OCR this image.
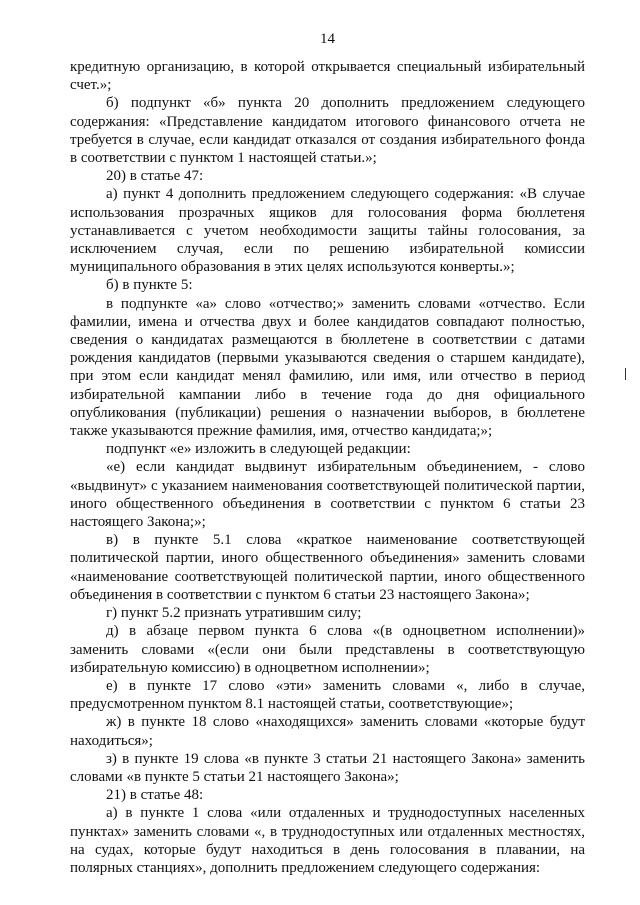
14

кредитную организацию, в которой открывается специальный избирательный счет.»;

б) подпункт «б» пункта 20 дополнить предложением следующего содержания: «Представление кандидатом итогового финансового отчета не требуется в случае, если кандидат отказался от создания избирательного фонда в соответствии с пунктом 1 настоящей статьи.»;

20) в статье 47:

а) пункт 4 дополнить предложением следующего содержания: «В случае использования прозрачных ящиков для голосования форма бюллетеня устанавливается с учетом необходимости защиты тайны голосования, за исключением случая, если по решению избирательной комиссии муниципального образования в этих целях используются конверты.»;

б) в пункте 5:

в подпункте «а» слово «отчество;» заменить словами «отчество. Если фамилии, имена и отчества двух и более кандидатов совпадают полностью, сведения о кандидатах размещаются в бюллетене в соответствии с датами рождения кандидатов (первыми указываются сведения о старшем кандидате), при этом если кандидат менял фамилию, или имя, или отчество в период избирательной кампании либо в течение года до дня официального опубликования (публикации) решения о назначении выборов, в бюллетене также указываются прежние фамилия, имя, отчество кандидата;»;

подпункт «е» изложить в следующей редакции:

«е) если кандидат выдвинут избирательным объединением, - слово «выдвинут» с указанием наименования соответствующей политической партии, иного общественного объединения в соответствии с пунктом 6 статьи 23 настоящего Закона;»;

в) в пункте 5.1 слова «краткое наименование соответствующей политической партии, иного общественного объединения» заменить словами «наименование соответствующей политической партии, иного общественного объединения в соответствии с пунктом 6 статьи 23 настоящего Закона»;

г) пункт 5.2 признать утратившим силу;

д) в абзаце первом пункта 6 слова «(в одноцветном исполнении)» заменить словами «(если они были представлены в соответствующую избирательную комиссию) в одноцветном исполнении»;

е) в пункте 17 слово «эти» заменить словами «, либо в случае, предусмотренном пунктом 8.1 настоящей статьи, соответствующие»;

ж) в пункте 18 слово «находящихся» заменить словами «которые будут находиться»;

з) в пункте 19 слова «в пункте 3 статьи 21 настоящего Закона» заменить словами «в пункте 5 статьи 21 настоящего Закона»;

21) в статье 48:

а) в пункте 1 слова «или отдаленных и труднодоступных населенных пунктах» заменить словами «, в труднодоступных или отдаленных местностях, на судах, которые будут находиться в день голосования в плавании, на полярных станциях», дополнить предложением следующего содержания:
